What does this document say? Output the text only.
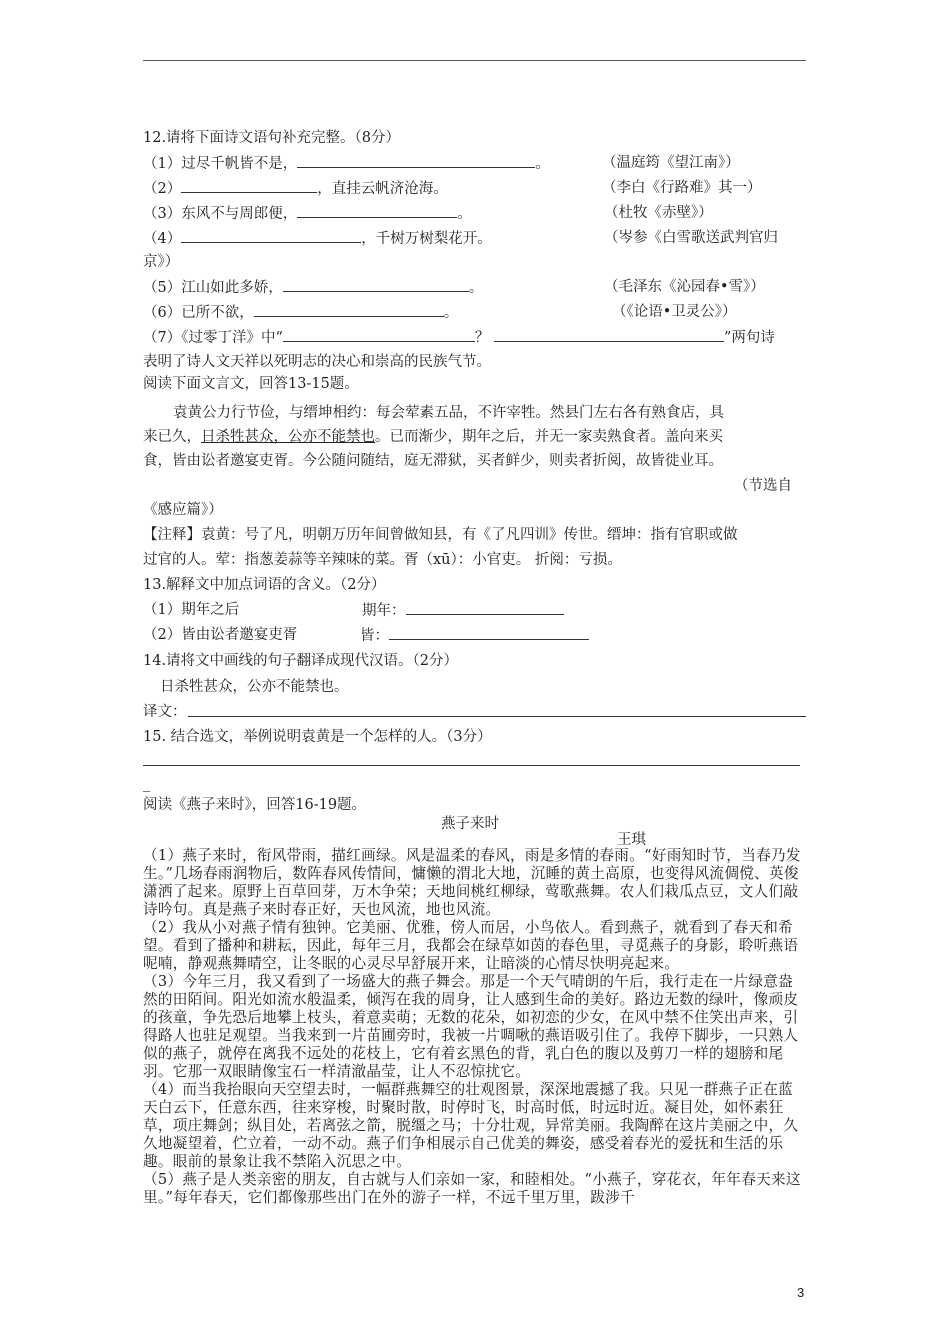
12.请将下面诗文语句补充完整。（8分）
（1）过尽千帆皆不是，	。	（温庭筠《望江南》）
（2）	，直挂云帆济沧海。	（李白《行路难》其一）
（3）东风不与周郎便，	。	（杜牧《赤壁》）
（4）	，千树万树梨花开。	（岑参《白雪歌送武判官归
京》）
（5）江山如此多娇，	。	（毛泽东《沁园春•雪》）
（6）已所不欲，	。	（《论语•卫灵公》）
（7）《过零丁洋》中“	？	”两句诗
表明了诗人文天祥以死明志的决心和崇高的民族气节。
阅读下面文言文，回答13-15题。
袁黄公力行节俭，与缙坤相约：每会荤素五品，不许宰牲。然县门左右各有熟食店，具
来已久，日杀牲甚众，公亦不能禁也。已而渐少，期年之后，并无一家卖熟食者。盖向来买
食，皆由讼者邀宴吏胥。今公随问随结，庭无滞狱，买者鲜少，则卖者折阅，故皆徙业耳。
（节选自
《感应篇》）
【注释】袁黄：号了凡，明朝万历年间曾做知县，有《了凡四训》传世。缙坤：指有官职或做
过官的人。荤：指葱姜蒜等辛辣味的菜。胥（xū）：小官吏。 折阅：亏损。
13.解释文中加点词语的含义。（2分）
（1）期年之后	期年：
（2）皆由讼者邀宴吏胥	皆：
14.请将文中画线的句子翻译成现代汉语。（2分）
日杀牲甚众，公亦不能禁也。
译文：
15. 结合选文，举例说明袁黄是一个怎样的人。（3分）
_
阅读《燕子来时》，回答16-19题。
燕子来时
王琪

（1）燕子来时，衔风带雨，描红画绿。风是温柔的春风，雨是多情的春雨。“好雨知时节，当春乃发生。”几场春雨润物后，数阵春风传情间，慵懒的渭北大地，沉睡的黄土高原，也变得风流倜傥、英俊潇洒了起来。原野上百草回芽，万木争荣；天地间桃红柳绿，莺歌燕舞。农人们栽瓜点豆，文人们敲诗吟句。真是燕子来时春正好，天也风流，地也风流。

（2）我从小对燕子情有独钟。它美丽、优雅，傍人而居，小鸟依人。看到燕子，就看到了春天和希望。看到了播种和耕耘，因此，每年三月，我都会在绿草如茵的春色里，寻觅燕子的身影，聆听燕语呢喃，静观燕舞晴空，让冬眠的心灵尽早舒展开来，让暗淡的心情尽快明亮起来。

（3）今年三月，我又看到了一场盛大的燕子舞会。那是一个天气晴朗的午后，我行走在一片绿意盎然的田陌间。阳光如流水般温柔，倾泻在我的周身，让人感到生命的美好。路边无数的绿叶，像顽皮的孩童，争先恐后地攀上枝头，着意卖萌；无数的花朵，如初恋的少女，在风中禁不住笑出声来，引得路人也驻足观望。当我来到一片苗圃旁时，我被一片啁啾的燕语吸引住了。我停下脚步，一只熟人似的燕子，就停在离我不远处的花枝上，它有着玄黑色的背，乳白色的腹以及剪刀一样的翅膀和尾羽。它那一双眼睛像宝石一样清澈晶莹，让人不忍惊扰它。

（4）而当我抬眼向天空望去时，一幅群燕舞空的壮观图景，深深地震撼了我。只见一群燕子正在蓝天白云下，任意东西，往来穿梭，时聚时散，时停时飞，时高时低，时远时近。凝目处，如怀素狂草，项庄舞剑；纵目处，若离弦之箭，脱缰之马；十分壮观，异常美丽。我陶醉在这片美丽之中，久久地凝望着，伫立着，一动不动。燕子们争相展示自己优美的舞姿，感受着春光的爱抚和生活的乐趣。眼前的景象让我不禁陷入沉思之中。

（5）燕子是人类亲密的朋友，自古就与人们亲如一家，和睦相处。“小燕子，穿花衣，年年春天来这里。”每年春天，它们都像那些出门在外的游子一样，不远千里万里，跋涉千

3
